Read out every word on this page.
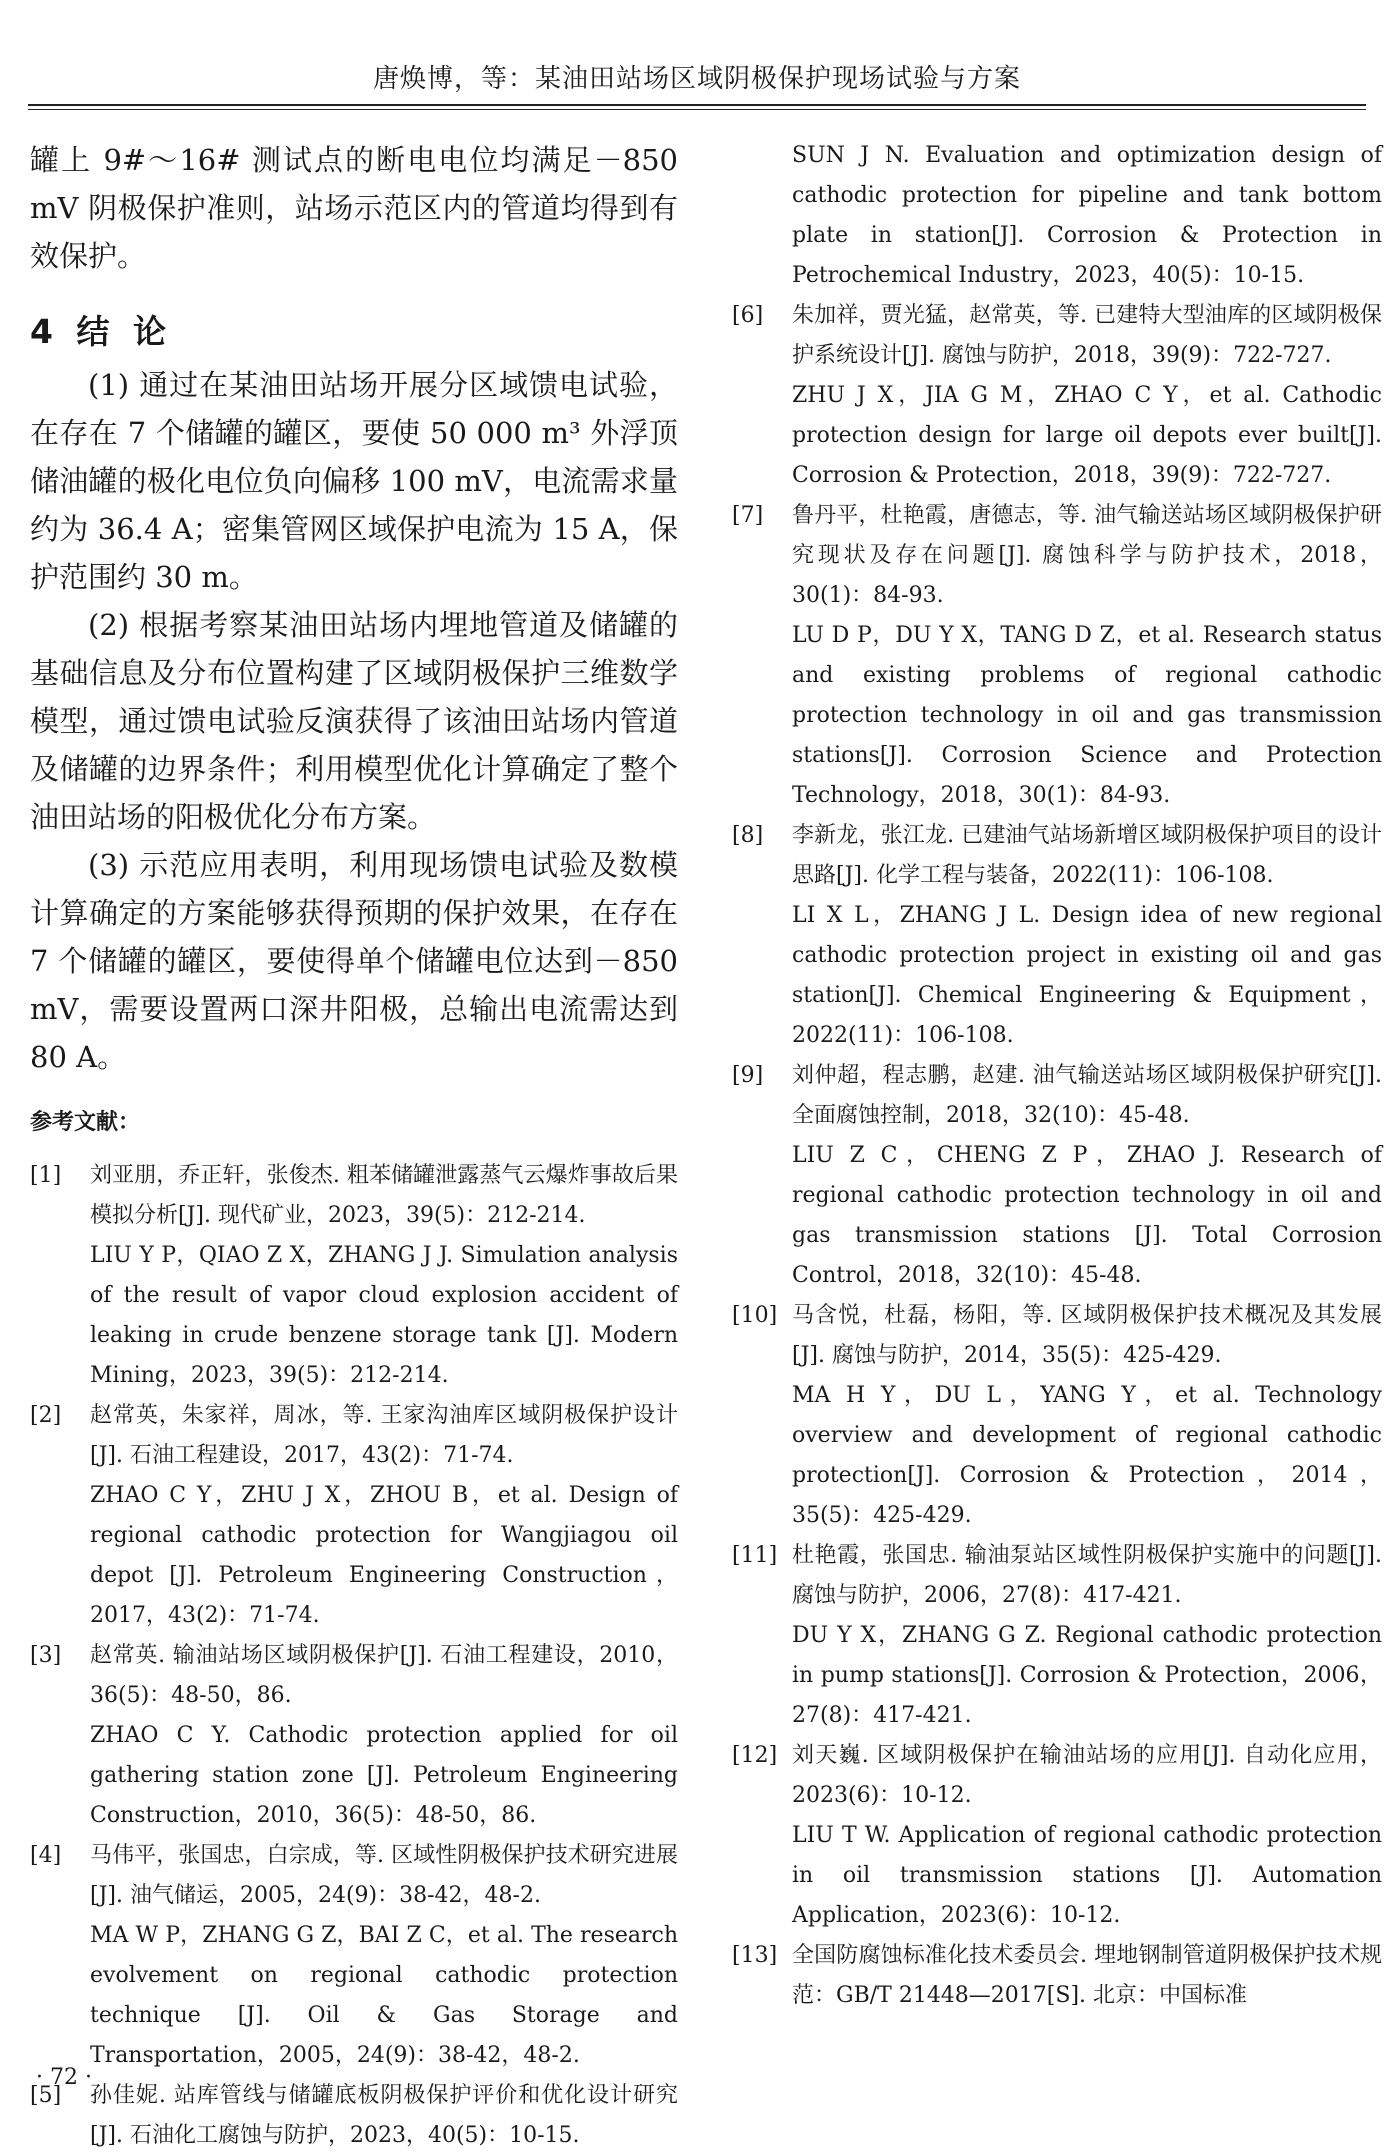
唐焕博，等：某油田站场区域阴极保护现场试验与方案

罐上 9#～16# 测试点的断电电位均满足－850 mV 阴极保护准则，站场示范区内的管道均得到有效保护。

4 结 论

(1) 通过在某油田站场开展分区域馈电试验，在存在 7 个储罐的罐区，要使 50 000 m³ 外浮顶储油罐的极化电位负向偏移 100 mV，电流需求量约为 36.4 A；密集管网区域保护电流为 15 A，保护范围约 30 m。

(2) 根据考察某油田站场内埋地管道及储罐的基础信息及分布位置构建了区域阴极保护三维数学模型，通过馈电试验反演获得了该油田站场内管道及储罐的边界条件；利用模型优化计算确定了整个油田站场的阳极优化分布方案。

(3) 示范应用表明，利用现场馈电试验及数模计算确定的方案能够获得预期的保护效果，在存在 7 个储罐的罐区，要使得单个储罐电位达到－850 mV，需要设置两口深井阳极，总输出电流需达到 80 A。

参考文献：
[1]	刘亚朋，乔正轩，张俊杰. 粗苯储罐泄露蒸气云爆炸事故后果模拟分析[J]. 现代矿业，2023，39(5)：212-214.
LIU Y P，QIAO Z X，ZHANG J J. Simulation analysis of the result of vapor cloud explosion accident of leaking in crude benzene storage tank [J]. Modern Mining，2023，39(5)：212-214.
[2]	赵常英，朱家祥，周冰，等. 王家沟油库区域阴极保护设计[J]. 石油工程建设，2017，43(2)：71-74.
ZHAO C Y，ZHU J X，ZHOU B，et al. Design of regional cathodic protection for Wangjiagou oil depot [J]. Petroleum Engineering Construction，2017，43(2)：71-74.
[3]	赵常英. 输油站场区域阴极保护[J]. 石油工程建设，2010，36(5)：48-50，86.
ZHAO C Y. Cathodic protection applied for oil gathering station zone [J]. Petroleum Engineering Construction，2010，36(5)：48-50，86.
[4]	马伟平，张国忠，白宗成，等. 区域性阴极保护技术研究进展[J]. 油气储运，2005，24(9)：38-42，48-2.
MA W P，ZHANG G Z，BAI Z C，et al. The research evolvement on regional cathodic protection technique [J]. Oil & Gas Storage and Transportation，2005，24(9)：38-42，48-2.
[5]	孙佳妮. 站库管线与储罐底板阴极保护评价和优化设计研究[J]. 石油化工腐蚀与防护，2023，40(5)：10-15.
SUN J N. Evaluation and optimization design of cathodic protection for pipeline and tank bottom plate in station[J]. Corrosion & Protection in Petrochemical Industry，2023，40(5)：10-15.
[6]	朱加祥，贾光猛，赵常英，等. 已建特大型油库的区域阴极保护系统设计[J]. 腐蚀与防护，2018，39(9)：722-727.
ZHU J X，JIA G M，ZHAO C Y，et al. Cathodic protection design for large oil depots ever built[J]. Corrosion & Protection，2018，39(9)：722-727.
[7]	鲁丹平，杜艳霞，唐德志，等. 油气输送站场区域阴极保护研究现状及存在问题[J]. 腐蚀科学与防护技术，2018，30(1)：84-93.
LU D P，DU Y X，TANG D Z，et al. Research status and existing problems of regional cathodic protection technology in oil and gas transmission stations[J]. Corrosion Science and Protection Technology，2018，30(1)：84-93.
[8]	李新龙，张江龙. 已建油气站场新增区域阴极保护项目的设计思路[J]. 化学工程与装备，2022(11)：106-108.
LI X L，ZHANG J L. Design idea of new regional cathodic protection project in existing oil and gas station[J]. Chemical Engineering & Equipment，2022(11)：106-108.
[9]	刘仲超，程志鹏，赵建. 油气输送站场区域阴极保护研究[J]. 全面腐蚀控制，2018，32(10)：45-48.
LIU Z C，CHENG Z P，ZHAO J. Research of regional cathodic protection technology in oil and gas transmission stations [J]. Total Corrosion Control，2018，32(10)：45-48.
[10] 马含悦，杜磊，杨阳，等. 区域阴极保护技术概况及其发展[J]. 腐蚀与防护，2014，35(5)：425-429.
MA H Y，DU L，YANG Y，et al. Technology overview and development of regional cathodic protection[J]. Corrosion & Protection，2014，35(5)：425-429.
[11] 杜艳霞，张国忠. 输油泵站区域性阴极保护实施中的问题[J]. 腐蚀与防护，2006，27(8)：417-421.
DU Y X，ZHANG G Z. Regional cathodic protection in pump stations[J]. Corrosion & Protection，2006，27(8)：417-421.
[12] 刘天巍. 区域阴极保护在输油站场的应用[J]. 自动化应用，2023(6)：10-12.
LIU T W. Application of regional cathodic protection in oil transmission stations [J]. Automation Application，2023(6)：10-12.
[13] 全国防腐蚀标准化技术委员会. 埋地钢制管道阴极保护技术规范：GB/T 21448—2017[S]. 北京：中国标准
· 72 ·
